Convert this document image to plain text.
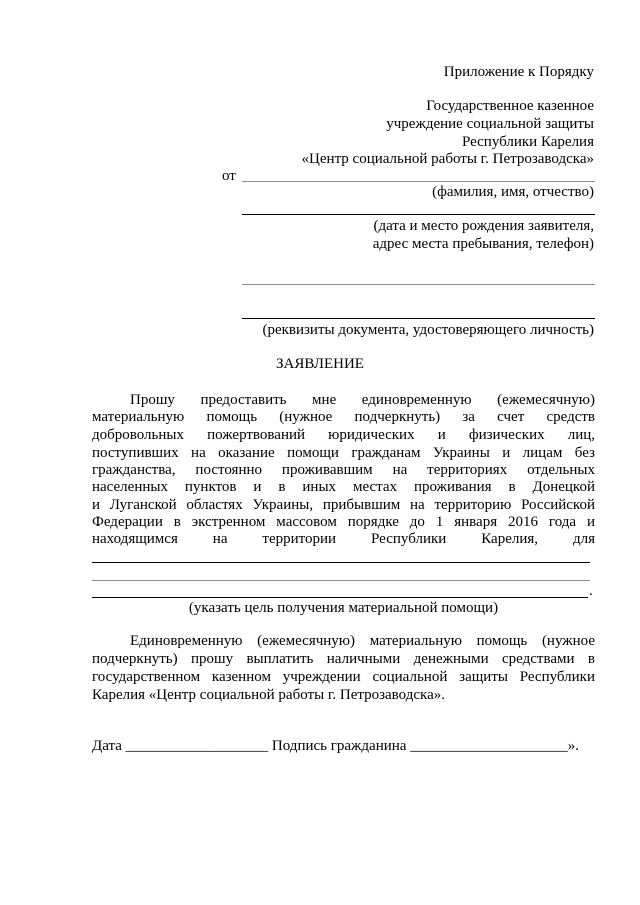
Приложение к Порядку
Государственное казенное
учреждение социальной защиты
Республики Карелия
«Центр социальной работы г. Петрозаводска»
от
(фамилия, имя, отчество)
(дата и место рождения заявителя,
адрес места пребывания, телефон)
(реквизиты документа, удостоверяющего личность)
ЗАЯВЛЕНИЕ
Прошу предоставить мне единовременную (ежемесячную)
материальную помощь (нужное подчеркнуть) за счет средств
добровольных пожертвований юридических и физических лиц,
поступивших на оказание помощи гражданам Украины и лицам без
гражданства, постоянно проживавшим на территориях отдельных
населенных пунктов и в иных местах проживания в Донецкой
и Луганской областях Украины, прибывшим на территорию Российской
Федерации в экстренном массовом порядке до 1 января 2016 года и
находящимся на территории Республики Карелия, для
.
(указать цель получения материальной помощи)
Единовременную (ежемесячную) материальную помощь (нужное
подчеркнуть) прошу выплатить наличными денежными средствами в
государственном казенном учреждении социальной защиты Республики
Карелия «Центр социальной работы г. Петрозаводска».
Дата ___________________ Подпись гражданина _____________________».
